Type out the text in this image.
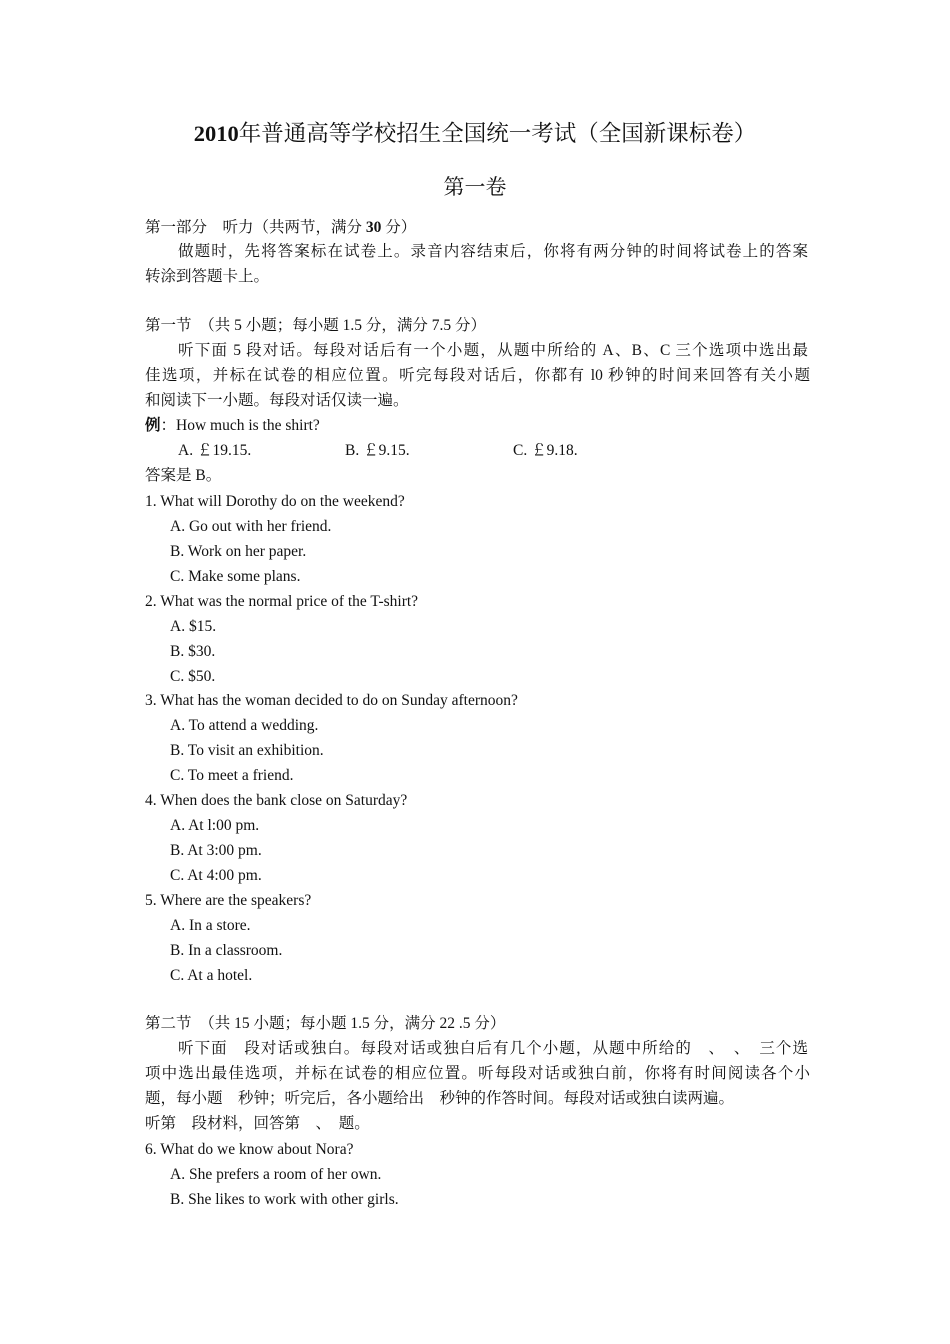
2010年普通高等学校招生全国统一考试（全国新课标卷）
第一卷
第一部分　听力（共两节，满分 30 分）
做题时，先将答案标在试卷上。录音内容结束后，你将有两分钟的时间将试卷上的答案
转涂到答题卡上。
第一节　（共 5 小题；每小题 1.5 分，满分 7.5 分）
听下面 5 段对话。每段对话后有一个小题，从题中所给的 A、B、C 三个选项中选出最
佳选项，并标在试卷的相应位置。听完每段对话后，你都有 l0 秒钟的时间来回答有关小题
和阅读下一小题。每段对话仅读一遍。
例：How much is the shirt?
A. ￡19.15.	B. ￡9.15.	C. ￡9.18.
答案是 B。
1. What will Dorothy do on the weekend?
A. Go out with her friend.
B. Work on her paper.
C. Make some plans.
2. What was the normal price of the T-shirt?
A. $15.
B. $30.
C. $50.
3. What has the woman decided to do on Sunday afternoon?
A. To attend a wedding.
B. To visit an exhibition.
C. To meet a friend.
4. When does the bank close on Saturday?
A. At l:00 pm.
B. At 3:00 pm.
C. At 4:00 pm.
5. Where are the speakers?
A. In a store.
B. In a classroom.
C. At a hotel.
第二节　（共 15 小题；每小题 1.5 分，满分 22 .5 分）
听下面　段对话或独白。每段对话或独白后有几个小题，从题中所给的　、　、　三个选
项中选出最佳选项，并标在试卷的相应位置。听每段对话或独白前，你将有时间阅读各个小
题，每小题　秒钟；听完后，各小题给出　秒钟的作答时间。每段对话或独白读两遍。
听第　段材料，回答第　、　题。
6. What do we know about Nora?
A. She prefers a room of her own.
B. She likes to work with other girls.
